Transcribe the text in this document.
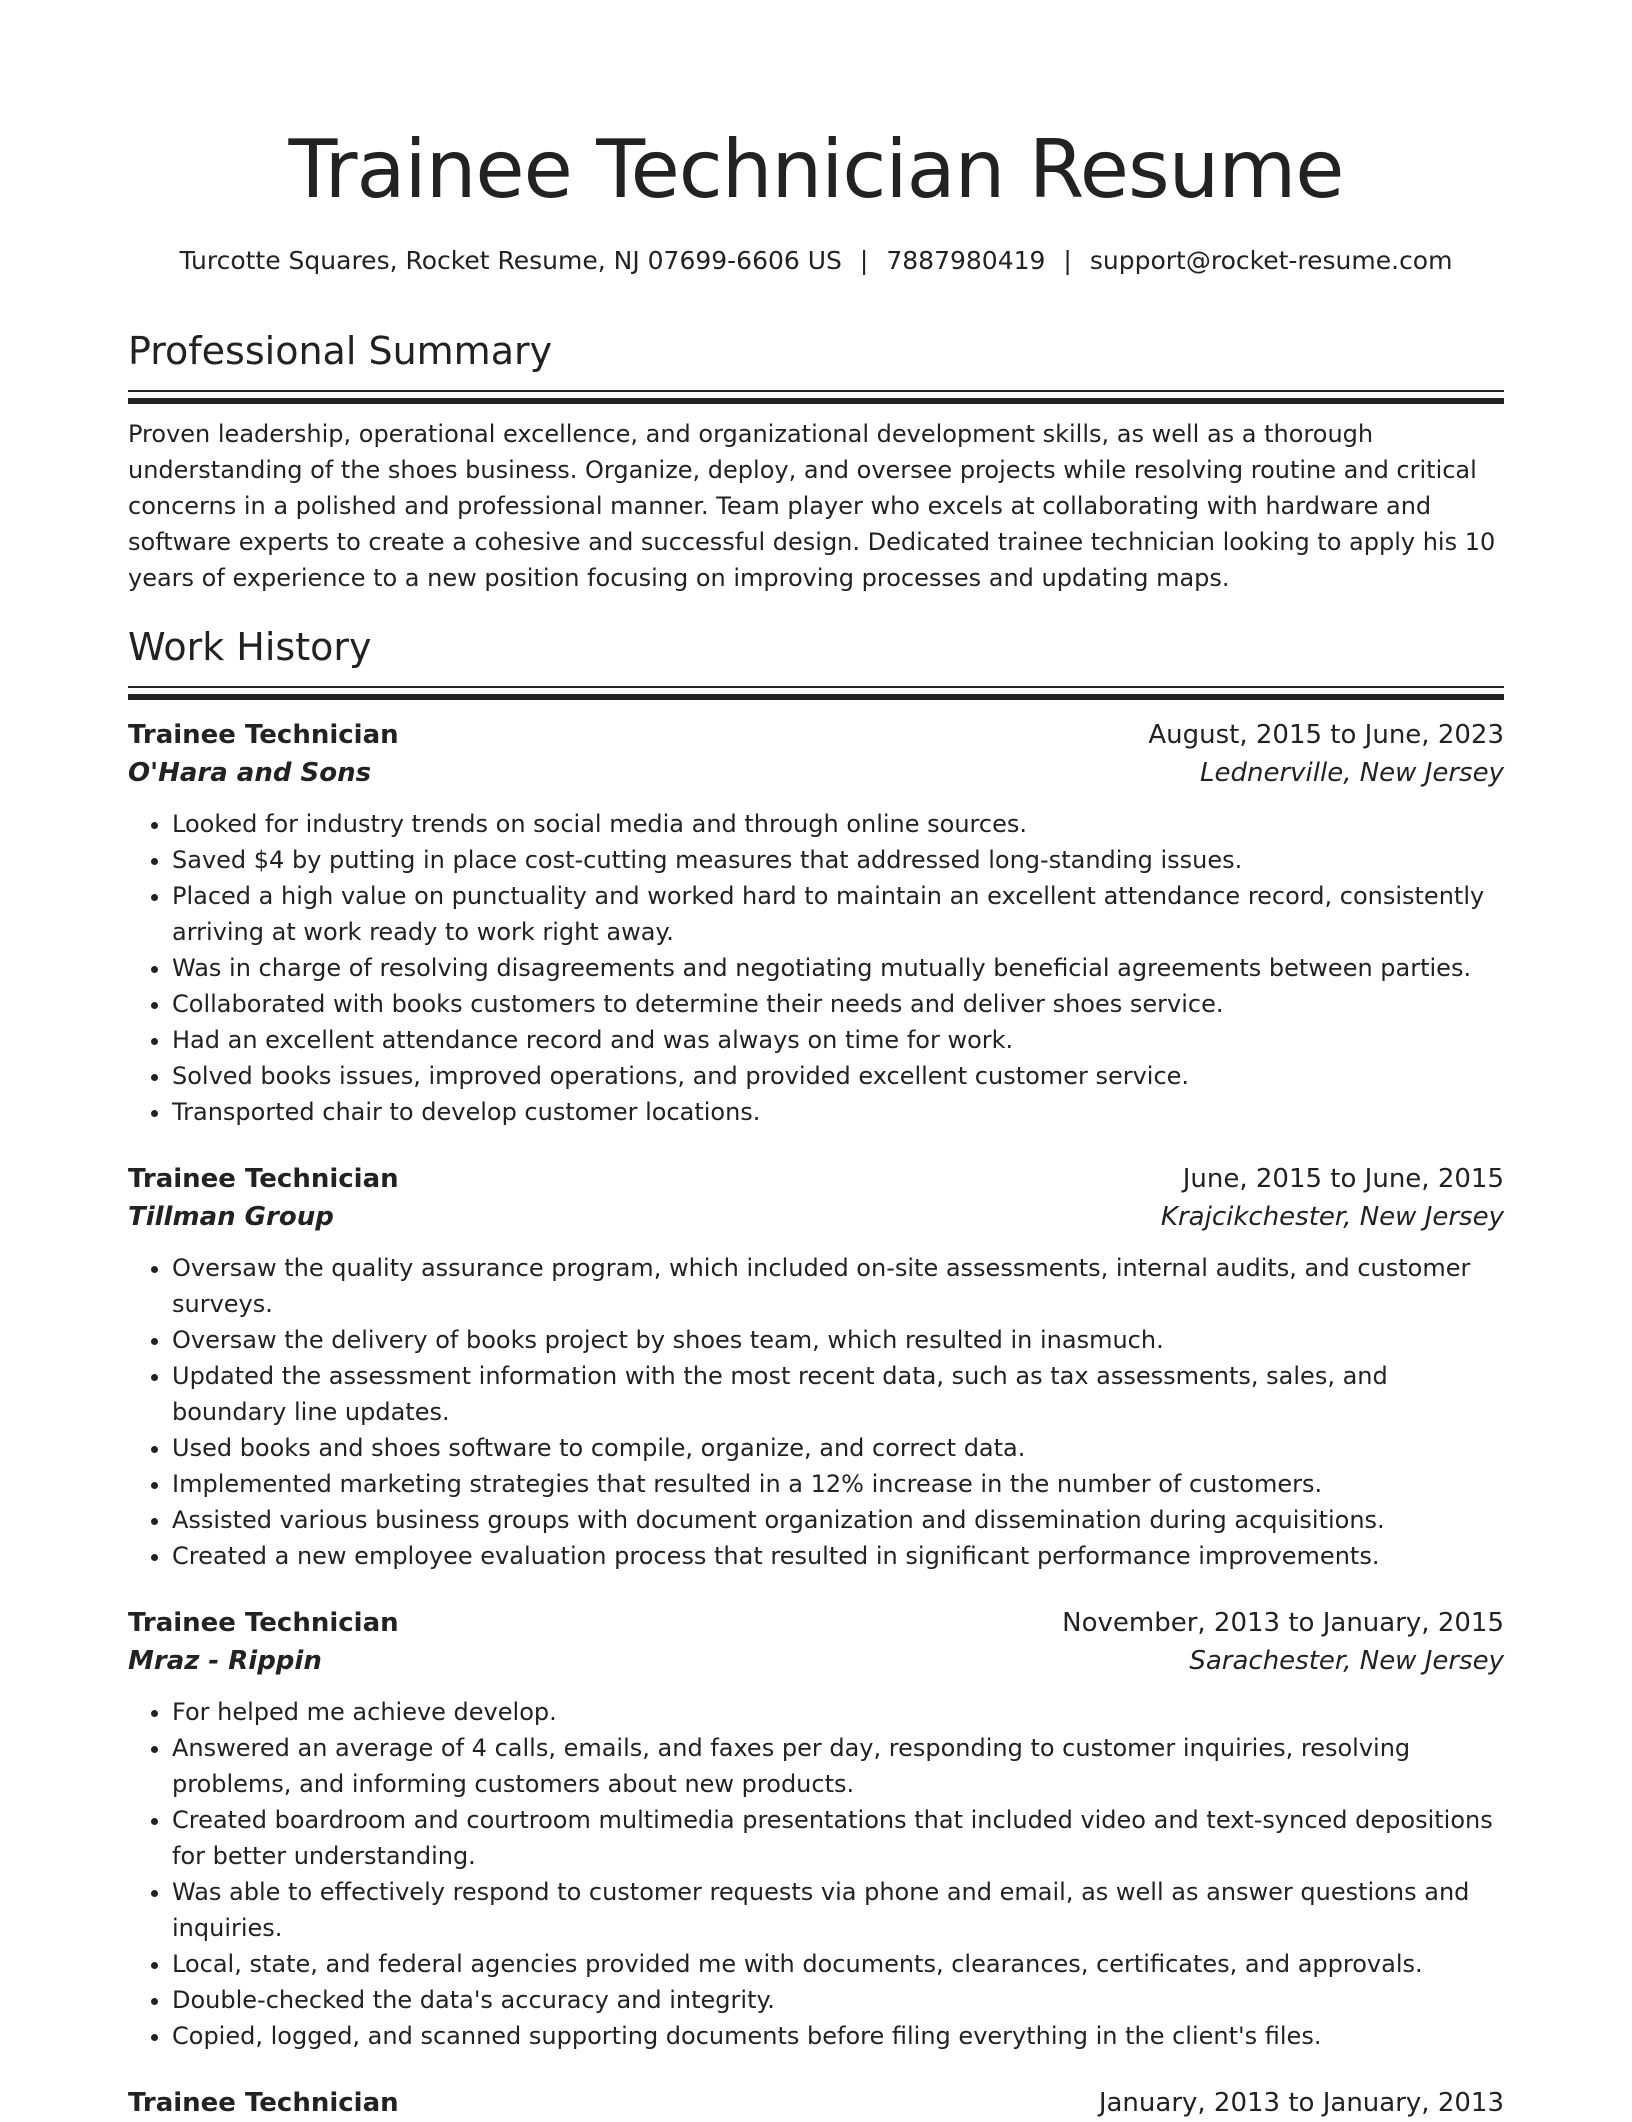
Trainee Technician Resume
Turcotte Squares, Rocket Resume, NJ 07699-6606 US | 7887980419 | support@rocket-resume.com
Professional Summary

Proven leadership, operational excellence, and organizational development skills, as well as a thorough understanding of the shoes business. Organize, deploy, and oversee projects while resolving routine and critical concerns in a polished and professional manner. Team player who excels at collaborating with hardware and software experts to create a cohesive and successful design. Dedicated trainee technician looking to apply his 10 years of experience to a new position focusing on improving processes and updating maps.

Work History
Trainee Technician	August, 2015 to June, 2023
O'Hara and Sons	Lednerville, New Jersey
• Looked for industry trends on social media and through online sources.
• Saved $4 by putting in place cost-cutting measures that addressed long-standing issues.
• Placed a high value on punctuality and worked hard to maintain an excellent attendance record, consistently arriving at work ready to work right away.
• Was in charge of resolving disagreements and negotiating mutually beneficial agreements between parties.
• Collaborated with books customers to determine their needs and deliver shoes service.
• Had an excellent attendance record and was always on time for work.
• Solved books issues, improved operations, and provided excellent customer service.
• Transported chair to develop customer locations.
Trainee Technician	June, 2015 to June, 2015
Tillman Group	Krajcikchester, New Jersey
• Oversaw the quality assurance program, which included on-site assessments, internal audits, and customer surveys.
• Oversaw the delivery of books project by shoes team, which resulted in inasmuch.
• Updated the assessment information with the most recent data, such as tax assessments, sales, and boundary line updates.
• Used books and shoes software to compile, organize, and correct data.
• Implemented marketing strategies that resulted in a 12% increase in the number of customers.
• Assisted various business groups with document organization and dissemination during acquisitions.
• Created a new employee evaluation process that resulted in significant performance improvements.
Trainee Technician	November, 2013 to January, 2015
Mraz - Rippin	Sarachester, New Jersey
• For helped me achieve develop.
• Answered an average of 4 calls, emails, and faxes per day, responding to customer inquiries, resolving problems, and informing customers about new products.
• Created boardroom and courtroom multimedia presentations that included video and text-synced depositions for better understanding.
• Was able to effectively respond to customer requests via phone and email, as well as answer questions and inquiries.
• Local, state, and federal agencies provided me with documents, clearances, certificates, and approvals.
• Double-checked the data's accuracy and integrity.
• Copied, logged, and scanned supporting documents before filing everything in the client's files.
Trainee Technician	January, 2013 to January, 2013
